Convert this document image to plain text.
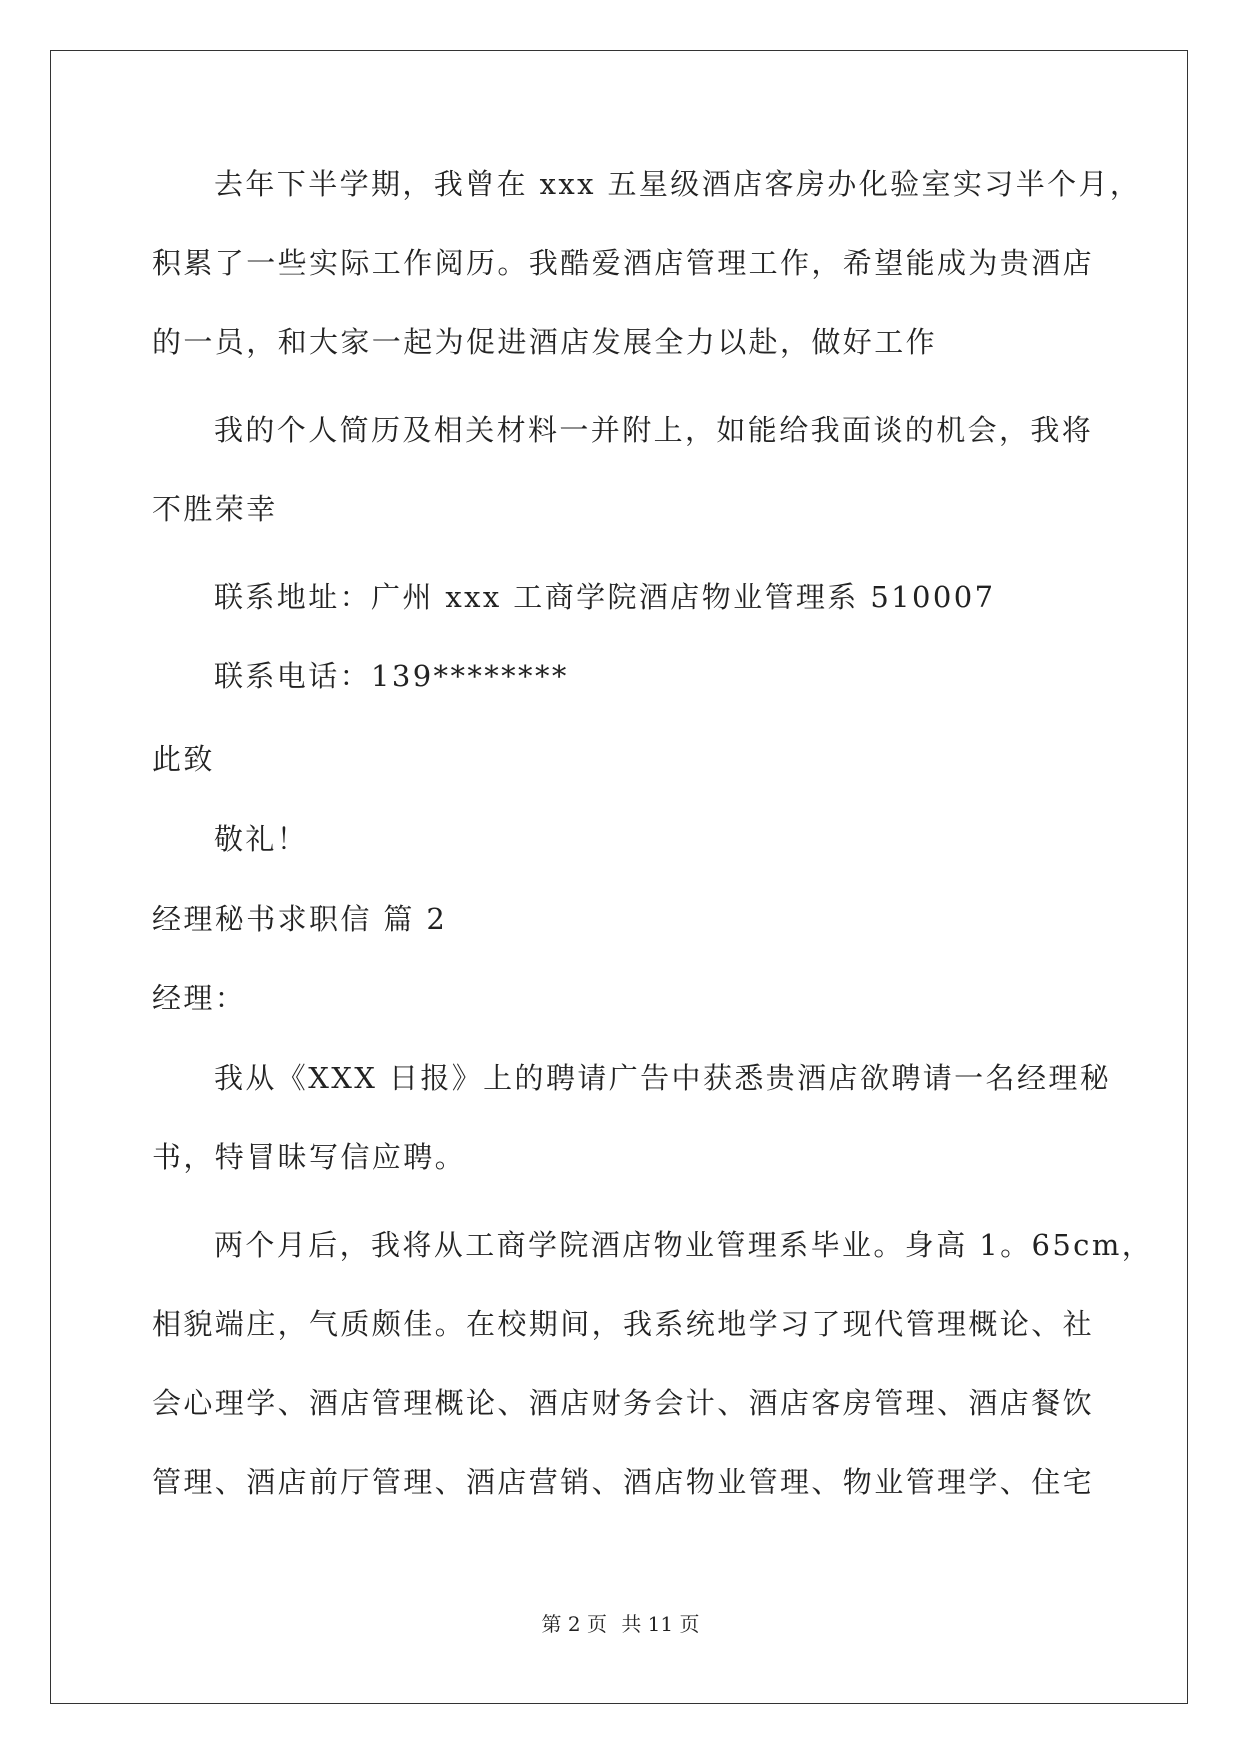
去年下半学期，我曾在 xxx 五星级酒店客房办化验室实习半个月，
积累了一些实际工作阅历。我酷爱酒店管理工作，希望能成为贵酒店
的一员，和大家一起为促进酒店发展全力以赴，做好工作
我的个人简历及相关材料一并附上，如能给我面谈的机会，我将
不胜荣幸
联系地址：广州 xxx 工商学院酒店物业管理系 510007
联系电话：139********
此致
敬礼！
经理秘书求职信 篇 2
经理：
我从《XXX 日报》上的聘请广告中获悉贵酒店欲聘请一名经理秘
书，特冒昧写信应聘。
两个月后，我将从工商学院酒店物业管理系毕业。身高 1。65cm，
相貌端庄，气质颇佳。在校期间，我系统地学习了现代管理概论、社
会心理学、酒店管理概论、酒店财务会计、酒店客房管理、酒店餐饮
管理、酒店前厅管理、酒店营销、酒店物业管理、物业管理学、住宅
第 2 页 共 11 页
